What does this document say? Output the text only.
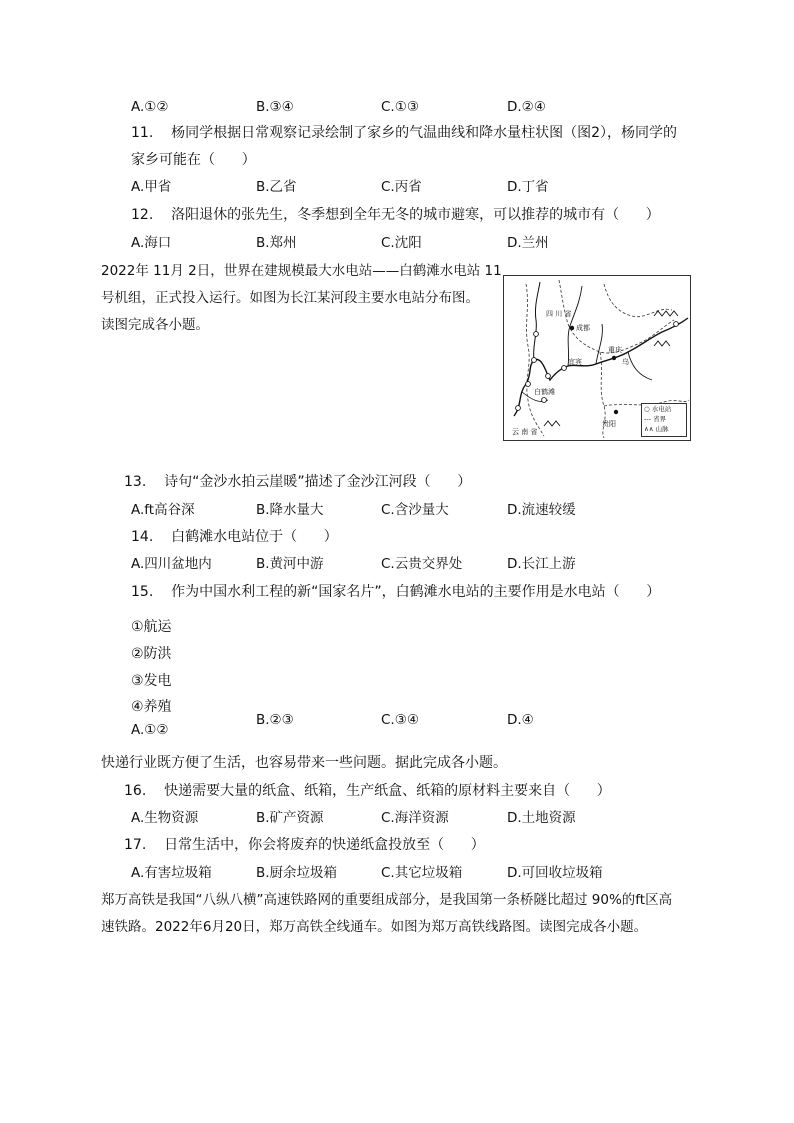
A.①②	B.③④	C.①③	D.②④
11.    杨同学根据日常观察记录绘制了家乡的气温曲线和降水量柱状图（图2），杨同学的
家乡可能在（      ）
A.甲省	B.乙省	C.丙省	D.丁省
12.    洛阳退休的张先生，冬季想到全年无冬的城市避寒，可以推荐的城市有（      ）
A.海口	B.郑州	C.沈阳	D.兰州
2022年 11月 2日，世界在建规模最大水电站——白鹤滩水电站 11
号机组，正式投入运行。如图为长江某河段主要水电站分布图。
读图完成各小题。
四 川 省
成都
重庆
宜宾
白鹤滩
贵阳
云 南 省
乌
○ 水电站
--- 省界
∧∧ 山脉
13.    诗句“金沙水拍云崖暖”描述了金沙江河段（      ）
A.ft高谷深	B.降水量大	C.含沙量大	D.流速较缓
14.    白鹤滩水电站位于（      ）
A.四川盆地内	B.黄河中游	C.云贵交界处	D.长江上游
15.    作为中国水利工程的新“国家名片”，白鹤滩水电站的主要作用是水电站（      ）
①航运
②防洪
③发电
④养殖
A.①②
B.②③	C.③④	D.④
快递行业既方便了生活，也容易带来一些问题。据此完成各小题。
16.    快递需要大量的纸盒、纸箱，生产纸盒、纸箱的原材料主要来自（      ）
A.生物资源	B.矿产资源	C.海洋资源	D.土地资源
17.    日常生活中，你会将废弃的快递纸盒投放至（      ）
A.有害垃圾箱	B.厨余垃圾箱	C.其它垃圾箱	D.可回收垃圾箱
郑万高铁是我国“八纵八横”高速铁路网的重要组成部分，是我国第一条桥隧比超过 90%的ft区高
速铁路。2022年6月20日，郑万高铁全线通车。如图为郑万高铁线路图。读图完成各小题。
